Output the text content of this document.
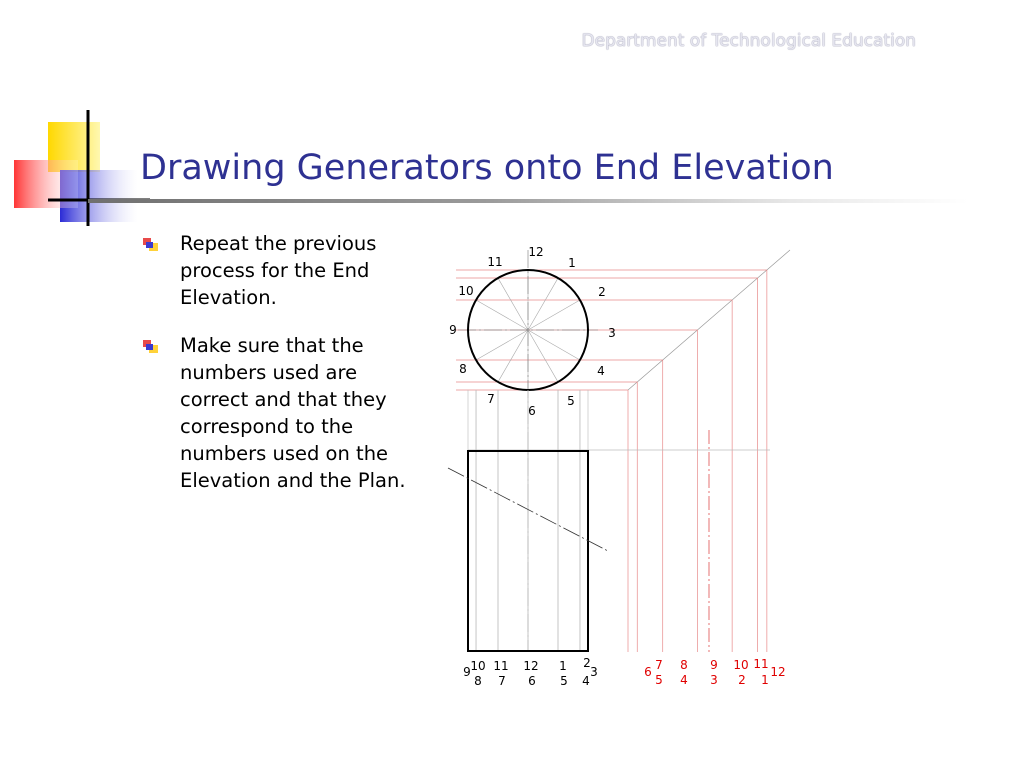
Department of Technological Education
Drawing Generators onto End Elevation
Repeat the previous process for the End Elevation.
Make sure that the numbers used are correct and that they correspond to the numbers used on the Elevation and the Plan.
12
1
2
3
4
5
6
7
8
9
10
11
9 10 11 12 1 2
3
8 7 6 5 4
6 7 8 9 10 11
12
5 4 3 2 1
